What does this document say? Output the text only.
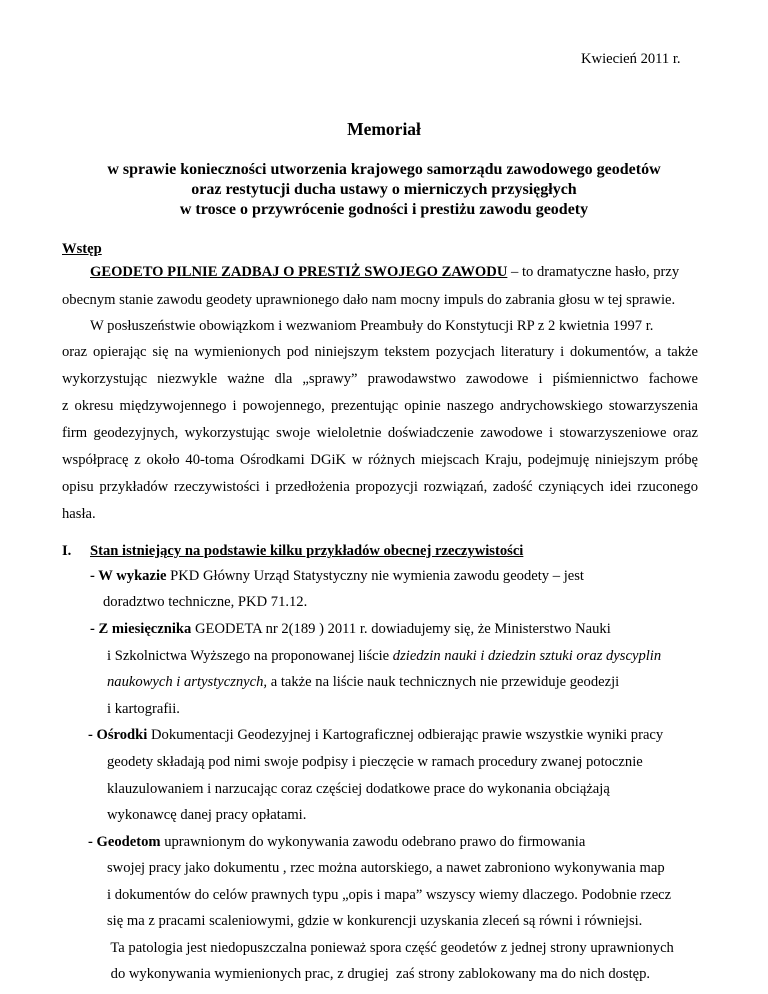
Kwiecień 2011 r.
Memoriał
w sprawie konieczności utworzenia krajowego samorządu zawodowego geodetów
oraz restytucji ducha ustawy o mierniczych przysięgłych
w trosce o przywrócenie godności i prestiżu zawodu geodety
Wstęp
GEODETO PILNIE ZADBAJ O PRESTIŻ SWOJEGO ZAWODU – to dramatyczne hasło, przy
obecnym stanie zawodu geodety uprawnionego dało nam mocny impuls do zabrania głosu w tej sprawie.
W posłuszeństwie obowiązkom i wezwaniom Preambuły do Konstytucji RP z 2 kwietnia 1997 r.
oraz opierając się na wymienionych pod niniejszym tekstem pozycjach literatury i dokumentów, a także
wykorzystując niezwykle ważne dla „sprawy” prawodawstwo zawodowe i piśmiennictwo fachowe
z okresu międzywojennego i powojennego, prezentując opinie naszego andrychowskiego stowarzyszenia
firm geodezyjnych, wykorzystując swoje wieloletnie doświadczenie zawodowe i stowarzyszeniowe oraz
współpracę z około 40-toma Ośrodkami DGiK w różnych miejscach Kraju, podejmuję niniejszym próbę
opisu przykładów rzeczywistości i przedłożenia propozycji rozwiązań, zadość czyniących idei rzuconego
hasła.
I. Stan istniejący na podstawie kilku przykładów obecnej rzeczywistości
- W wykazie PKD Główny Urząd Statystyczny nie wymienia zawodu geodety – jest
doradztwo techniczne, PKD 71.12.
- Z miesięcznika GEODETA nr 2(189 ) 2011 r. dowiadujemy się, że Ministerstwo Nauki
i Szkolnictwa Wyższego na proponowanej liście dziedzin nauki i dziedzin sztuki oraz dyscyplin
naukowych i artystycznych, a także na liście nauk technicznych nie przewiduje geodezji
i kartografii.
- Ośrodki Dokumentacji Geodezyjnej i Kartograficznej odbierając prawie wszystkie wyniki pracy
geodety składają pod nimi swoje podpisy i pieczęcie w ramach procedury zwanej potocznie
klauzulowaniem i narzucając coraz częściej dodatkowe prace do wykonania obciążają
wykonawcę danej pracy opłatami.
- Geodetom uprawnionym do wykonywania zawodu odebrano prawo do firmowania
swojej pracy jako dokumentu , rzec można autorskiego, a nawet zabroniono wykonywania map
i dokumentów do celów prawnych typu „opis i mapa” wszyscy wiemy dlaczego. Podobnie rzecz
się ma z pracami scaleniowymi, gdzie w konkurencji uzyskania zleceń są równi i równiejsi.
Ta patologia jest niedopuszczalna ponieważ spora część geodetów z jednej strony uprawnionych
do wykonywania wymienionych prac, z drugiej  zaś strony zablokowany ma do nich dostęp.
